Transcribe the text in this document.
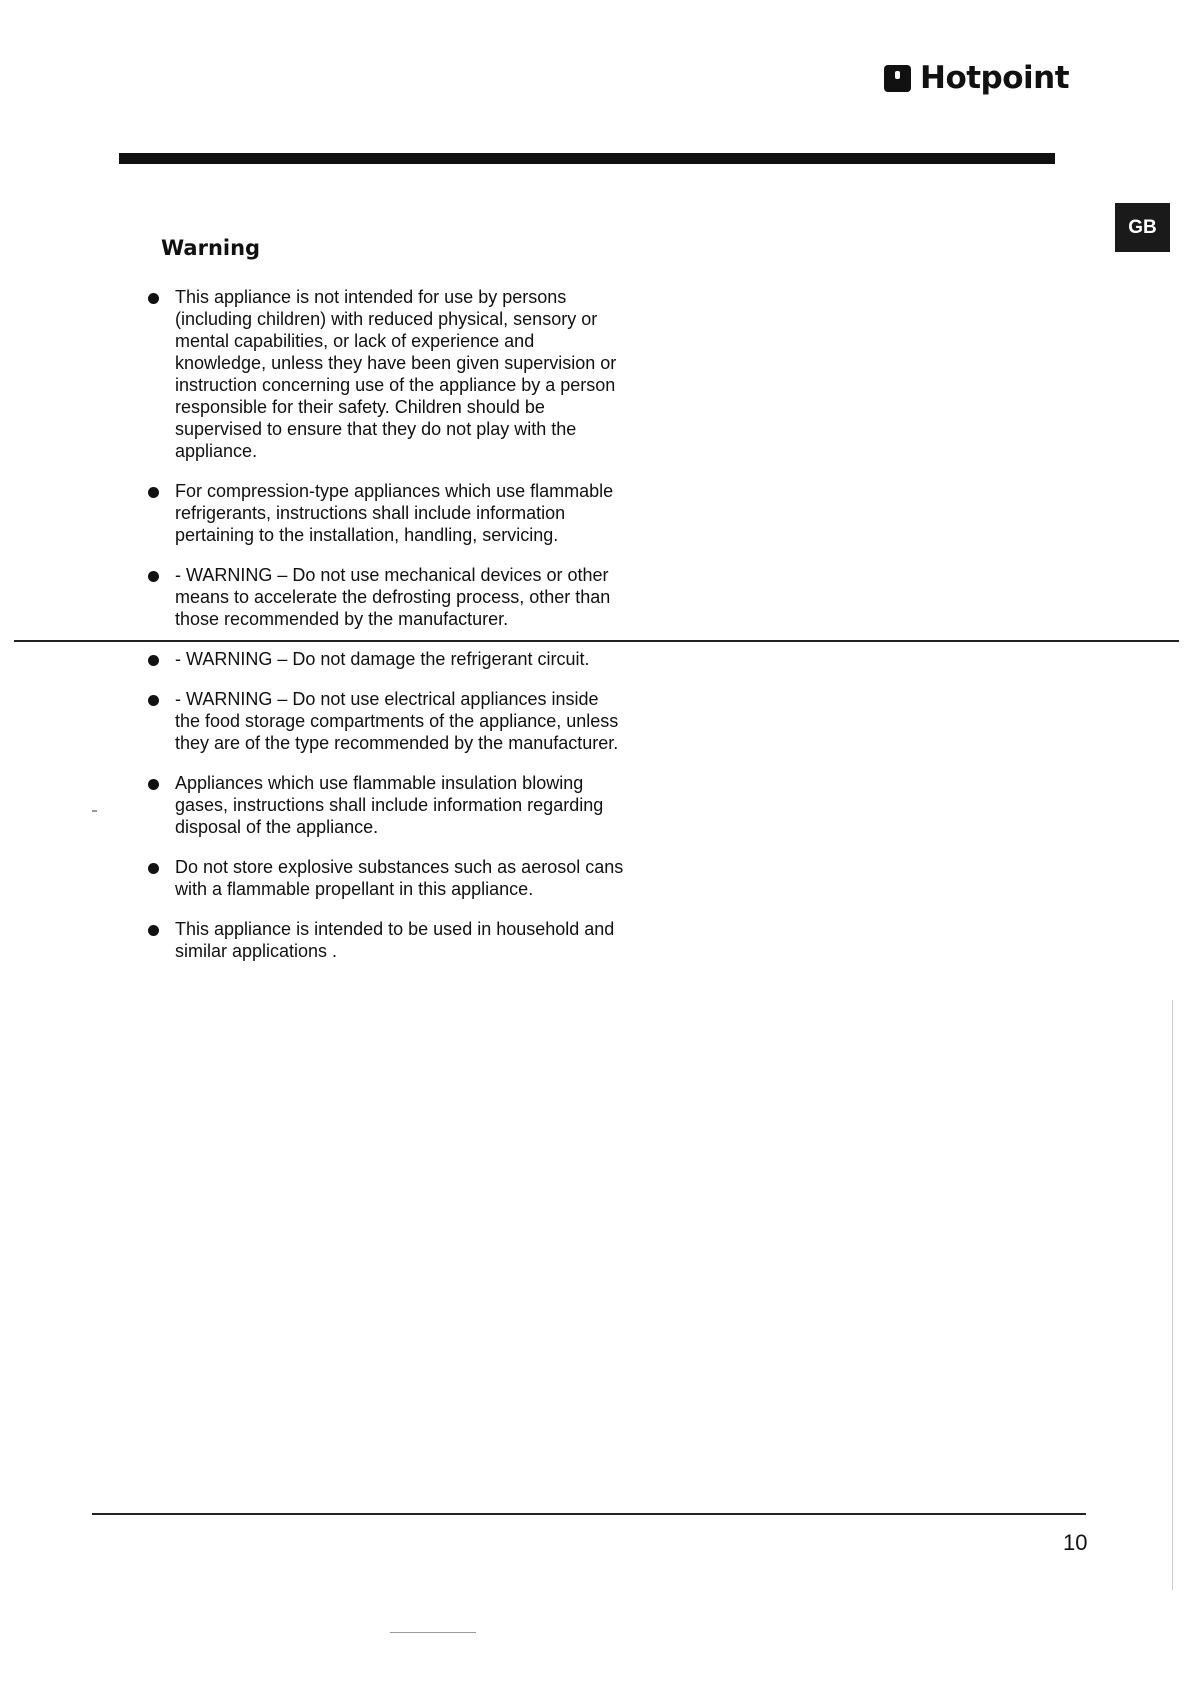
Hotpoint
GB
Warning
This appliance is not intended for use by persons (including children) with reduced physical, sensory or mental capabilities, or lack of experience and knowledge, unless they have been given supervision or instruction concerning use of the appliance by a person responsible for their safety. Children should be supervised to ensure that they do not play with the appliance.
For compression-type appliances which use flammable refrigerants, instructions shall include information pertaining to the installation, handling, servicing.
- WARNING – Do not use mechanical devices or other means to accelerate the defrosting process, other than those recommended by the manufacturer.
- WARNING – Do not damage the refrigerant circuit.
- WARNING – Do not use electrical appliances inside the food storage compartments of the appliance, unless they are of the type recommended by the manufacturer.
Appliances which use flammable insulation blowing gases, instructions shall include information regarding disposal of the appliance.
Do not store explosive substances such as aerosol cans with a flammable propellant in this appliance.
This appliance is intended to be used in household and similar applications .
10
